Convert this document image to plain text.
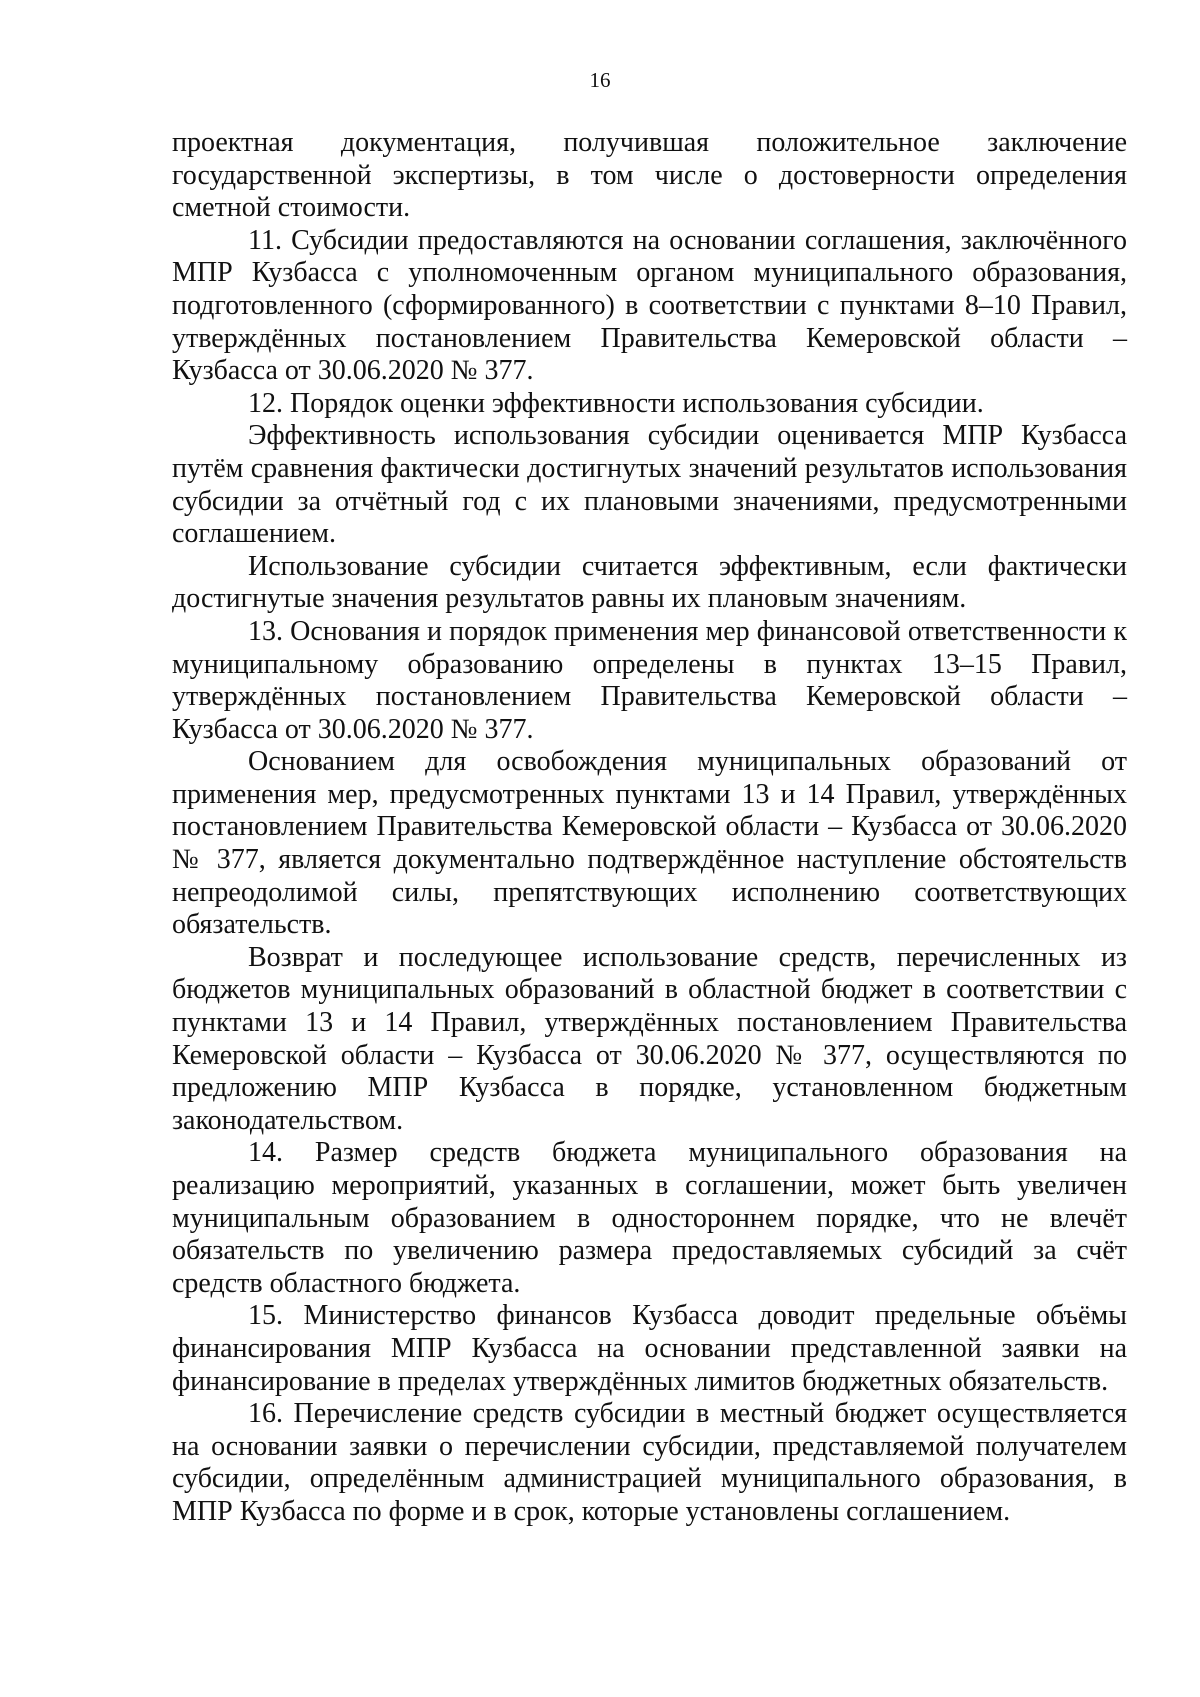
16

проектная документация, получившая положительное заключение государственной экспертизы, в том числе о достоверности определения сметной стоимости.

11. Субсидии предоставляются на основании соглашения, заключённого МПР Кузбасса с уполномоченным органом муниципального образования, подготовленного (сформированного) в соответствии с пунктами 8–10 Правил, утверждённых постановлением Правительства Кемеровской области – Кузбасса от 30.06.2020 № 377.

12. Порядок оценки эффективности использования субсидии.

Эффективность использования субсидии оценивается МПР Кузбасса путём сравнения фактически достигнутых значений результатов использования субсидии за отчётный год с их плановыми значениями, предусмотренными соглашением.

Использование субсидии считается эффективным, если фактически достигнутые значения результатов равны их плановым значениям.

13. Основания и порядок применения мер финансовой ответственности к муниципальному образованию определены в пунктах 13–15 Правил, утверждённых постановлением Правительства Кемеровской области – Кузбасса от 30.06.2020 № 377.

Основанием для освобождения муниципальных образований от применения мер, предусмотренных пунктами 13 и 14 Правил, утверждённых постановлением Правительства Кемеровской области – Кузбасса от 30.06.2020 № 377, является документально подтверждённое наступление обстоятельств непреодолимой силы, препятствующих исполнению соответствующих обязательств.

Возврат и последующее использование средств, перечисленных из бюджетов муниципальных образований в областной бюджет в соответствии с пунктами 13 и 14 Правил, утверждённых постановлением Правительства Кемеровской области – Кузбасса от 30.06.2020 № 377, осуществляются по предложению МПР Кузбасса в порядке, установленном бюджетным законодательством.

14. Размер средств бюджета муниципального образования на реализацию мероприятий, указанных в соглашении, может быть увеличен муниципальным образованием в одностороннем порядке, что не влечёт обязательств по увеличению размера предоставляемых субсидий за счёт средств областного бюджета.

15. Министерство финансов Кузбасса доводит предельные объёмы финансирования МПР Кузбасса на основании представленной заявки на финансирование в пределах утверждённых лимитов бюджетных обязательств.

16. Перечисление средств субсидии в местный бюджет осуществляется на основании заявки о перечислении субсидии, представляемой получателем субсидии, определённым администрацией муниципального образования, в МПР Кузбасса по форме и в срок, которые установлены соглашением.
